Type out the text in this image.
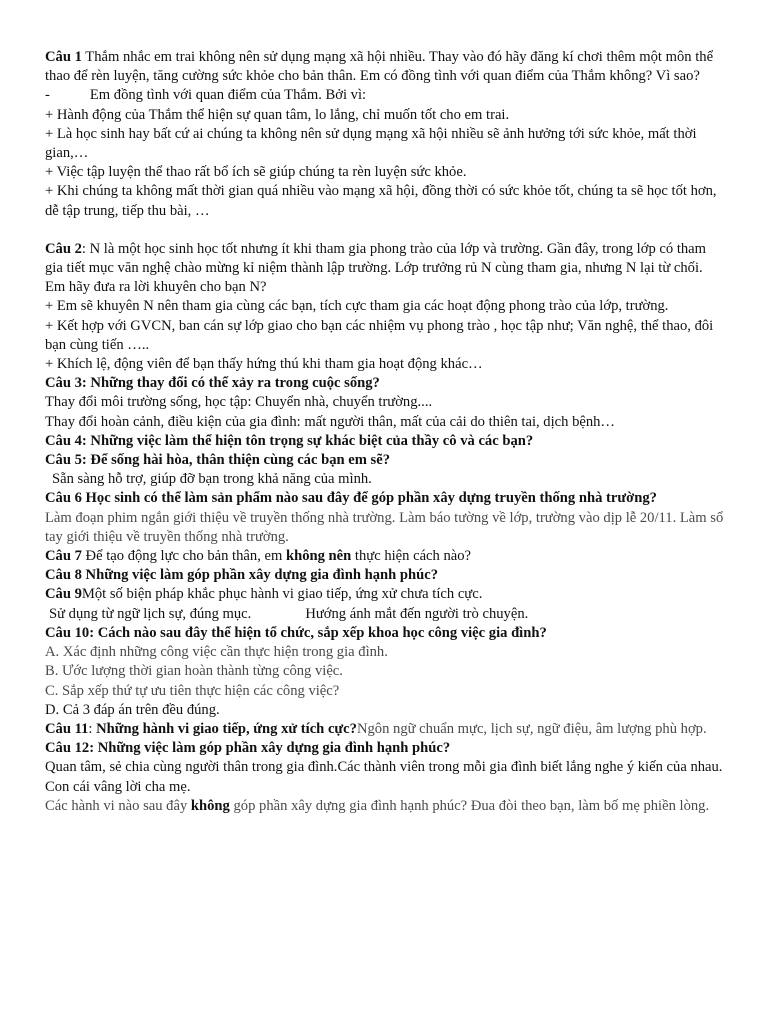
Câu 1 Thắm nhắc em trai không nên sử dụng mạng xã hội nhiều. Thay vào đó hãy đăng kí chơi thêm một môn thể thao để rèn luyện, tăng cường sức khỏe cho bản thân. Em có đồng tình với quan điểm của Thắm không? Vì sao?

-	Em đồng tình với quan điểm của Thắm. Bởi vì:

+ Hành động của Thắm thể hiện sự quan tâm, lo lắng, chỉ muốn tốt cho em trai.

+ Là học sinh hay bất cứ ai chúng ta không nên sử dụng mạng xã hội nhiều sẽ ảnh hưởng tới sức khỏe, mất thời gian,…

+ Việc tập luyện thể thao rất bổ ích sẽ giúp chúng ta rèn luyện sức khỏe.

+ Khi chúng ta không mất thời gian quá nhiều vào mạng xã hội, đồng thời có sức khỏe tốt, chúng ta sẽ học tốt hơn, dễ tập trung, tiếp thu bài, …

Câu 2: N là một học sinh học tốt nhưng ít khi tham gia phong trào của lớp và trường. Gần đây, trong lớp có tham gia tiết mục văn nghệ chào mừng kỉ niệm thành lập trường. Lớp trưởng rủ N cùng tham gia, nhưng N lại từ chối. Em hãy đưa ra lời khuyên cho bạn N?

+ Em sẽ khuyên N nên tham gia cùng các bạn, tích cực tham gia các hoạt động phong trào của lớp, trường.

+ Kết hợp với GVCN, ban cán sự lớp giao cho bạn các nhiệm vụ phong trào , học tập như; Văn nghệ, thể thao, đôi bạn cùng tiến …..

+ Khích lệ, động viên để bạn thấy hứng thú khi tham gia hoạt động khác…

Câu 3: Những thay đổi có thể xảy ra trong cuộc sống?

Thay đổi môi trường sống, học tập: Chuyển nhà, chuyển trường....

Thay đổi hoàn cảnh, điều kiện của gia đình: mất người thân, mất của cải do thiên tai, dịch bệnh…

Câu 4: Những việc làm thể hiện tôn trọng sự khác biệt của thầy cô và các bạn?

Câu 5: Để sống hài hòa, thân thiện cùng các bạn em sẽ?

Sẵn sàng hỗ trợ, giúp đỡ bạn trong khả năng của mình.

Câu 6 Học sinh có thể làm sản phẩm nào sau đây để góp phần xây dựng truyền thống nhà trường?

Làm đoạn phim ngắn giới thiệu về truyền thống nhà trường. Làm báo tường về lớp, trường vào dịp lễ 20/11. Làm sổ tay giới thiệu về truyền thống nhà trường.

Câu 7 Để tạo động lực cho bản thân, em không nên thực hiện cách nào?

Câu 8 Những việc làm góp phần xây dựng gia đình hạnh phúc?

Câu 9Một số biện pháp khắc phục hành vi giao tiếp, ứng xử chưa tích cực.

Sử dụng từ ngữ lịch sự, đúng mục.	Hướng ánh mắt đến người trò chuyện.

Câu 10: Cách nào sau đây thể hiện tổ chức, sắp xếp khoa học công việc gia đình?

A. Xác định những công việc cần thực hiện trong gia đình.

B. Ước lượng thời gian hoàn thành từng công việc.

C. Sắp xếp thứ tự ưu tiên thực hiện các công việc?

D. Cả 3 đáp án trên đều đúng.

Câu 11: Những hành vi giao tiếp, ứng xử tích cực?Ngôn ngữ chuẩn mực, lịch sự, ngữ điệu, âm lượng phù hợp.

Câu 12: Những việc làm góp phần xây dựng gia đình hạnh phúc?

Quan tâm, sẻ chia cùng người thân trong gia đình.Các thành viên trong mỗi gia đình biết lắng nghe ý kiến của nhau. Con cái vâng lời cha mẹ.

Các hành vi nào sau đây không góp phần xây dựng gia đình hạnh phúc? Đua đòi theo bạn, làm bố mẹ phiền lòng.
